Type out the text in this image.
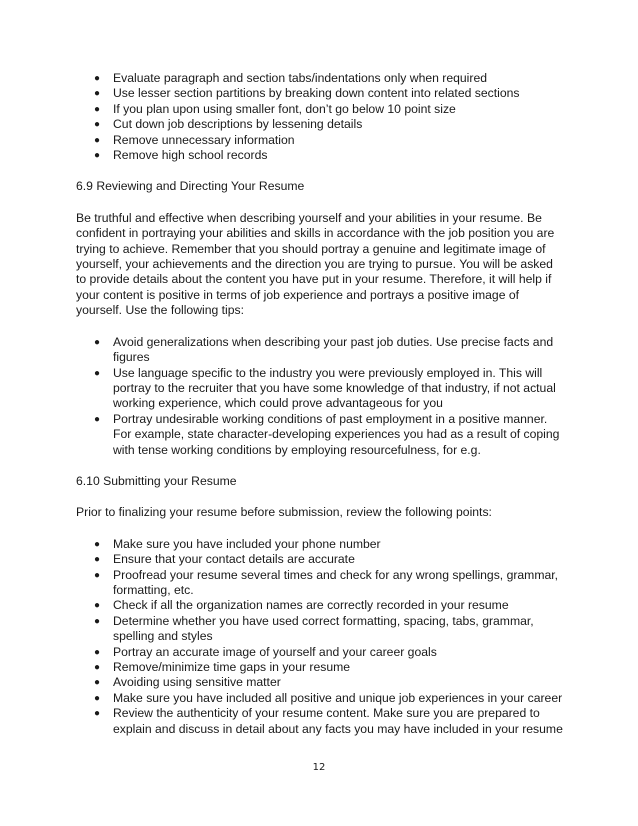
● Evaluate paragraph and section tabs/indentations only when required
● Use lesser section partitions by breaking down content into related sections
● If you plan upon using smaller font, don’t go below 10 point size
● Cut down job descriptions by lessening details
● Remove unnecessary information
● Remove high school records
6.9 Reviewing and Directing Your Resume

Be truthful and effective when describing yourself and your abilities in your resume. Be confident in portraying your abilities and skills in accordance with the job position you are trying to achieve. Remember that you should portray a genuine and legitimate image of yourself, your achievements and the direction you are trying to pursue. You will be asked to provide details about the content you have put in your resume. Therefore, it will help if your content is positive in terms of job experience and portrays a positive image of yourself. Use the following tips:

● Avoid generalizations when describing your past job duties. Use precise facts and figures
● Use language specific to the industry you were previously employed in. This will portray to the recruiter that you have some knowledge of that industry, if not actual working experience, which could prove advantageous for you
● Portray undesirable working conditions of past employment in a positive manner. For example, state character-developing experiences you had as a result of coping with tense working conditions by employing resourcefulness, for e.g.
6.10 Submitting your Resume

Prior to finalizing your resume before submission, review the following points:

● Make sure you have included your phone number
● Ensure that your contact details are accurate
● Proofread your resume several times and check for any wrong spellings, grammar, formatting, etc.
● Check if all the organization names are correctly recorded in your resume
● Determine whether you have used correct formatting, spacing, tabs, grammar, spelling and styles
● Portray an accurate image of yourself and your career goals
● Remove/minimize time gaps in your resume
● Avoiding using sensitive matter
● Make sure you have included all positive and unique job experiences in your career
● Review the authenticity of your resume content. Make sure you are prepared to explain and discuss in detail about any facts you may have included in your resume
12
